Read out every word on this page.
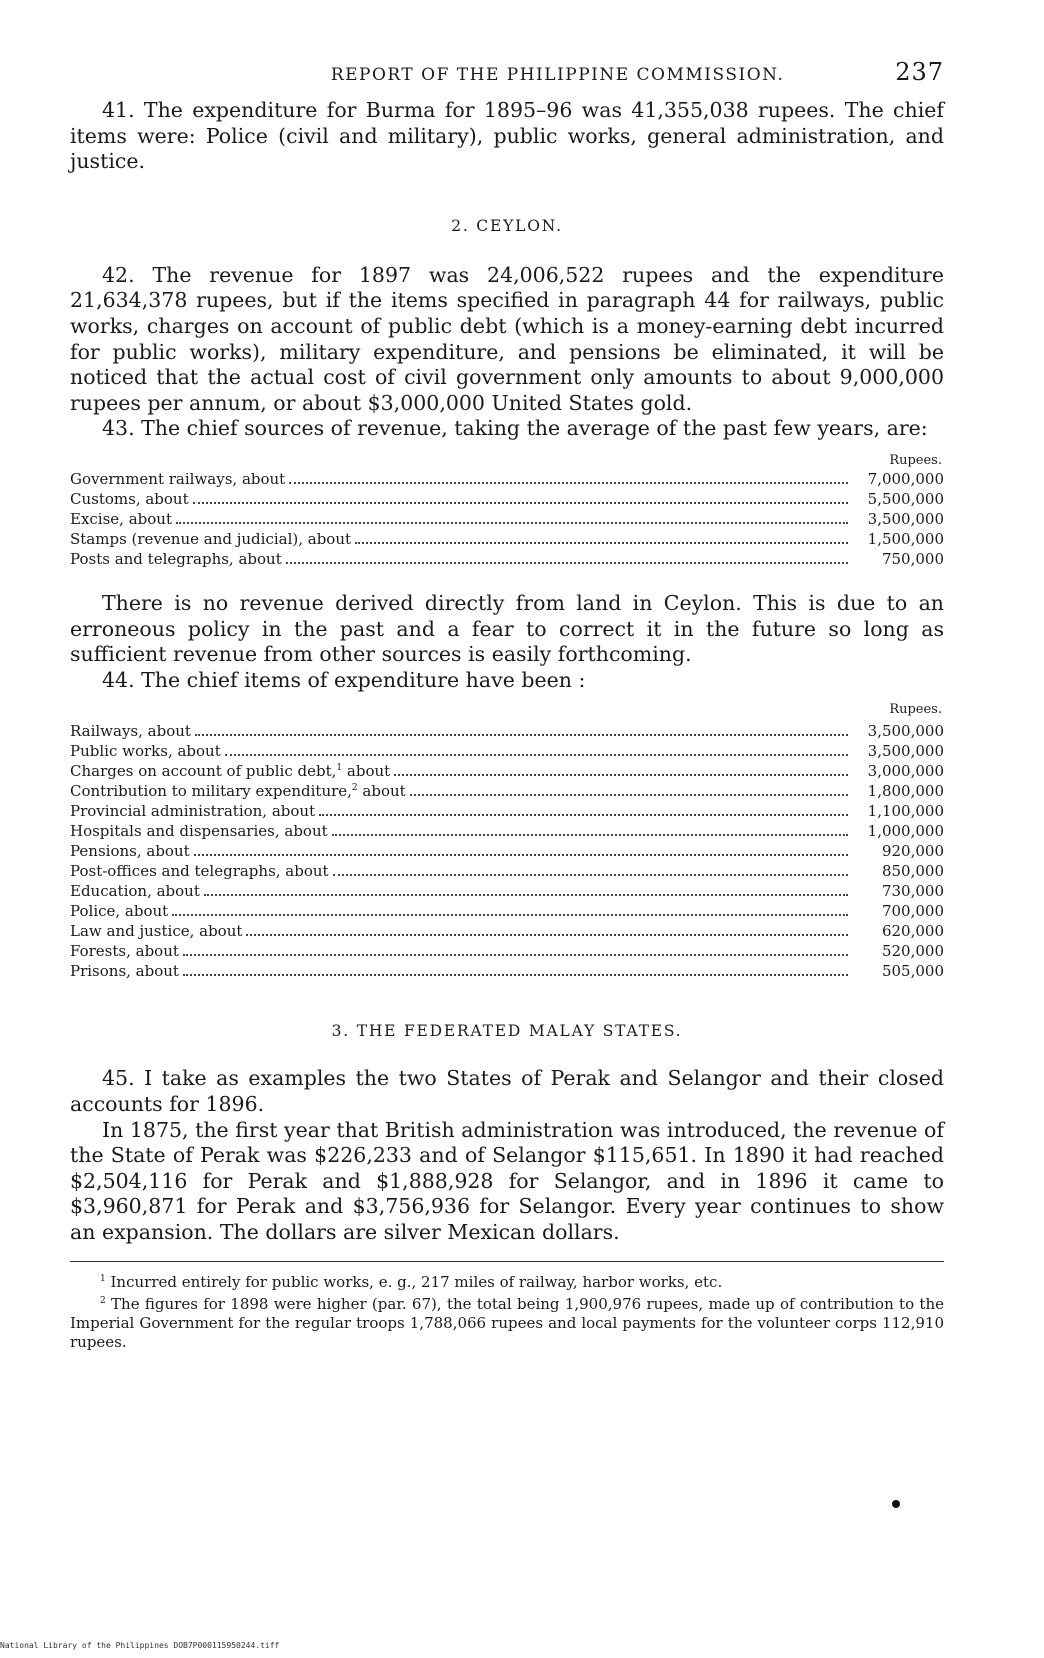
REPORT OF THE PHILIPPINE COMMISSION.	237

41. The expenditure for Burma for 1895–96 was 41,355,038 rupees. The chief items were: Police (civil and military), public works, general administration, and justice.

2. CEYLON.

42. The revenue for 1897 was 24,006,522 rupees and the expenditure 21,634,378 rupees, but if the items specified in paragraph 44 for railways, public works, charges on account of public debt (which is a money-earning debt incurred for public works), military expenditure, and pensions be eliminated, it will be noticed that the actual cost of civil government only amounts to about 9,000,000 rupees per annum, or about $3,000,000 United States gold.

43. The chief sources of revenue, taking the average of the past few years, are:

Rupees.
Government railways, about	7,000,000
Customs, about	5,500,000
Excise, about	3,500,000
Stamps (revenue and judicial), about	1,500,000
Posts and telegraphs, about	750,000

There is no revenue derived directly from land in Ceylon. This is due to an erroneous policy in the past and a fear to correct it in the future so long as sufficient revenue from other sources is easily forthcoming.

44. The chief items of expenditure have been :

Rupees.
Railways, about	3,500,000
Public works, about	3,500,000
Charges on account of public debt,$^1$ about	3,000,000
Contribution to military expenditure,$^2$ about	1,800,000
Provincial administration, about	1,100,000
Hospitals and dispensaries, about	1,000,000
Pensions, about	920,000
Post-offices and telegraphs, about	850,000
Education, about	730,000
Police, about	700,000
Law and justice, about	620,000
Forests, about	520,000
Prisons, about	505,000

3. THE FEDERATED MALAY STATES.

45. I take as examples the two States of Perak and Selangor and their closed accounts for 1896.

In 1875, the first year that British administration was introduced, the revenue of the State of Perak was $226,233 and of Selangor $115,651. In 1890 it had reached $2,504,116 for Perak and $1,888,928 for Selangor, and in 1896 it came to $3,960,871 for Perak and $3,756,936 for Selangor. Every year continues to show an expansion. The dollars are silver Mexican dollars.

$^1$ Incurred entirely for public works, e. g., 217 miles of railway, harbor works, etc.

$^2$ The figures for 1898 were higher (par. 67), the total being 1,900,976 rupees, made up of contribution to the Imperial Government for the regular troops 1,788,066 rupees and local payments for the volunteer corps 112,910 rupees.

National Library of the Philippines DOB7P000115950244.tiff
